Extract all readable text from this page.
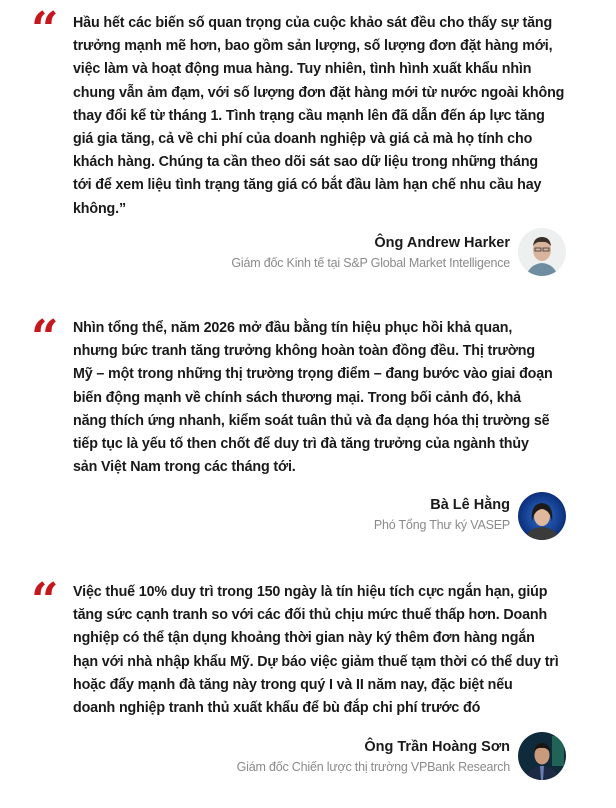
“ Hầu hết các biến số quan trọng của cuộc khảo sát đều cho thấy sự tăng
trưởng mạnh mẽ hơn, bao gồm sản lượng, số lượng đơn đặt hàng mới,
việc làm và hoạt động mua hàng. Tuy nhiên, tình hình xuất khẩu nhìn
chung vẫn ảm đạm, với số lượng đơn đặt hàng mới từ nước ngoài không
thay đổi kể từ tháng 1. Tình trạng cầu mạnh lên đã dẫn đến áp lực tăng
giá gia tăng, cả về chi phí của doanh nghiệp và giá cả mà họ tính cho
khách hàng. Chúng ta cần theo dõi sát sao dữ liệu trong những tháng
tới để xem liệu tình trạng tăng giá có bắt đầu làm hạn chế nhu cầu hay
không.”
Ông Andrew Harker
Giám đốc Kinh tế tại S&P Global Market Intelligence
“ Nhìn tổng thể, năm 2026 mở đầu bằng tín hiệu phục hồi khả quan,
nhưng bức tranh tăng trưởng không hoàn toàn đồng đều. Thị trường
Mỹ – một trong những thị trường trọng điểm – đang bước vào giai đoạn
biến động mạnh về chính sách thương mại. Trong bối cảnh đó, khả
năng thích ứng nhanh, kiểm soát tuân thủ và đa dạng hóa thị trường sẽ
tiếp tục là yếu tố then chốt để duy trì đà tăng trưởng của ngành thủy
sản Việt Nam trong các tháng tới.
Bà Lê Hằng
Phó Tổng Thư ký VASEP
“ Việc thuế 10% duy trì trong 150 ngày là tín hiệu tích cực ngắn hạn, giúp
tăng sức cạnh tranh so với các đối thủ chịu mức thuế thấp hơn. Doanh
nghiệp có thể tận dụng khoảng thời gian này ký thêm đơn hàng ngắn
hạn với nhà nhập khẩu Mỹ. Dự báo việc giảm thuế tạm thời có thể duy trì
hoặc đẩy mạnh đà tăng này trong quý I và II năm nay, đặc biệt nếu
doanh nghiệp tranh thủ xuất khẩu để bù đắp chi phí trước đó
Ông Trần Hoàng Sơn
Giám đốc Chiến lược thị trường VPBank Research
